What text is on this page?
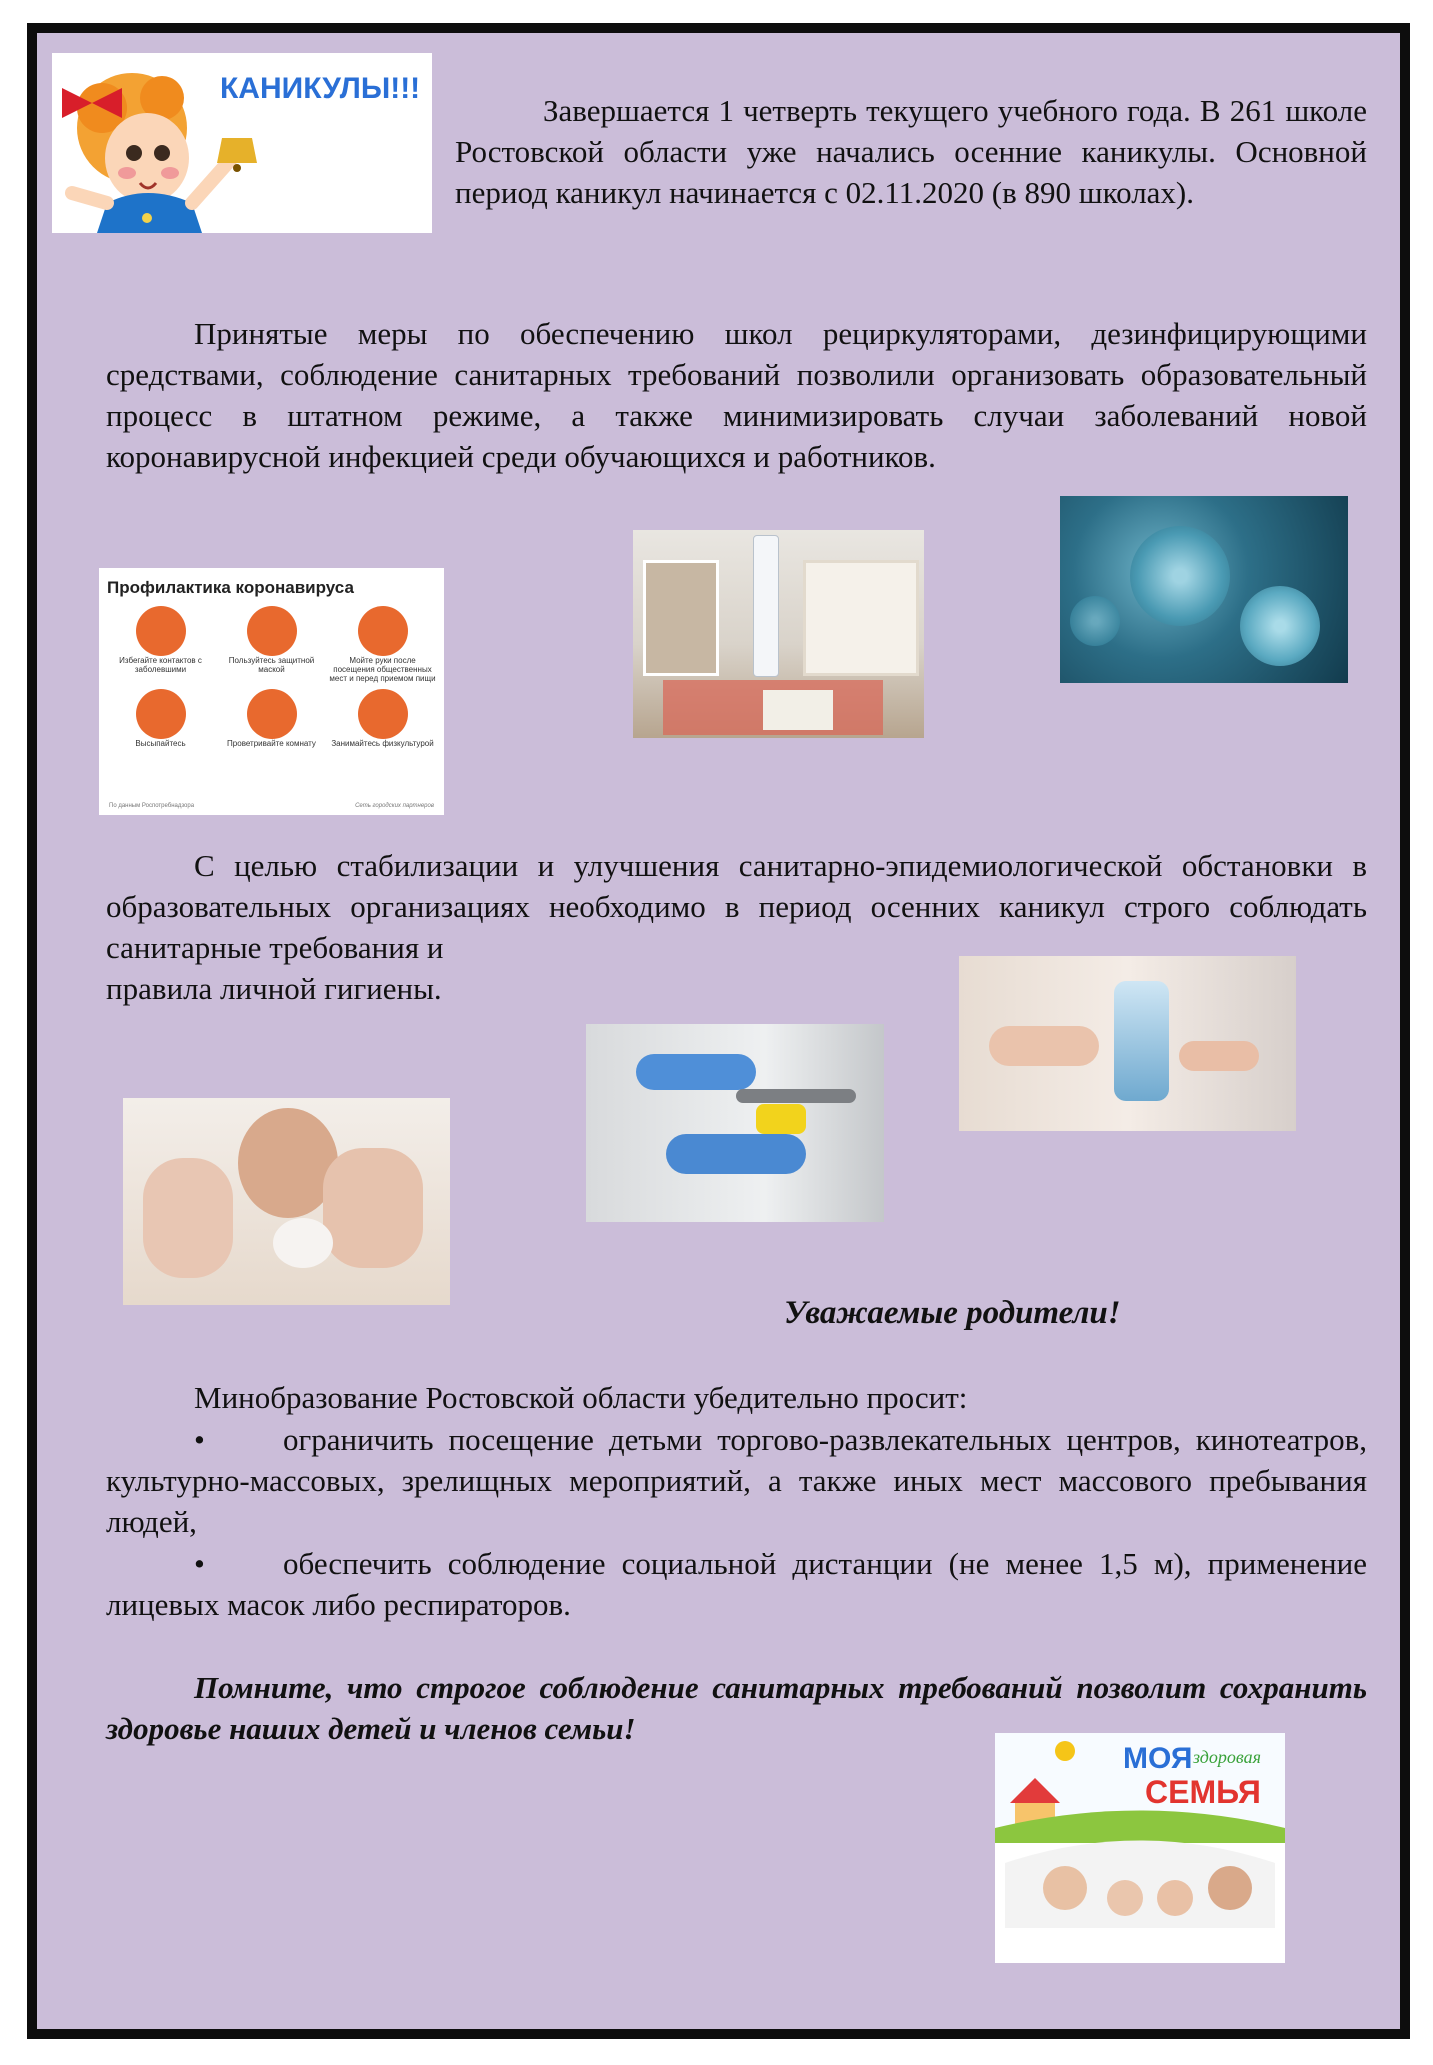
КАНИКУЛЫ!!!

Завершается 1 четверть текущего учебного года. В 261 школе Ростовской области уже начались осенние каникулы. Основной период каникул начинается с 02.11.2020 (в 890 школах).

Принятые меры по обеспечению школ рециркуляторами, дезинфицирующими средствами, соблюдение санитарных требований позволили организовать образовательный процесс в штатном режиме, а также минимизировать случаи заболеваний новой коронавирусной инфекцией среди обучающихся и работников.

Профилактика коронавируса
Избегайте контактов с заболевшими
Пользуйтесь защитной маской
Мойте руки после посещения общественных мест и перед приемом пищи
Высыпайтесь	Проветривайте комнату	Занимайтесь физкультурой
По данным Роспотребнадзора	Сеть городских партнеров

С целью стабилизации и улучшения санитарно-эпидемиологической обстановки в образовательных организациях необходимо в период осенних каникул строго соблюдать санитарные требования и

правила личной гигиены.

Уважаемые родители!

Минобразование Ростовской области убедительно просит:

•	ограничить посещение детьми торгово-развлекательных центров, кинотеатров, культурно-массовых, зрелищных мероприятий, а также иных мест массового пребывания людей,

•	обеспечить соблюдение социальной дистанции (не менее 1,5 м), применение лицевых масок либо респираторов.

Помните, что строгое соблюдение санитарных требований позволит сохранить здоровье наших детей и членов семьи!

МОЯ здоровая
СЕМЬЯ
